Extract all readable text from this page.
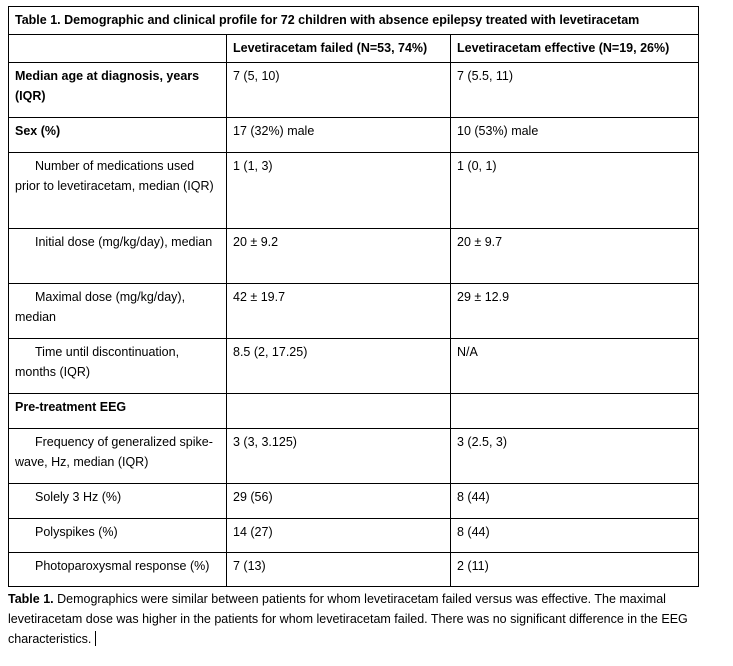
Table 1. Demographic and clinical profile for 72 children with absence epilepsy treated with levetiracetam		
	Levetiracetam failed (N=53, 74%)	Levetiracetam effective (N=19, 26%)
Median age at diagnosis, years (IQR)	7 (5, 10)	7 (5.5, 11)
Sex (%)	17 (32%) male	10 (53%) male
Number of medications used prior to levetiracetam, median (IQR)	1 (1, 3)	1 (0, 1)
Initial dose (mg/kg/day), median	20 ± 9.2	20 ± 9.7
Maximal dose (mg/kg/day), median	42 ± 19.7	29 ± 12.9
Time until discontinuation, months (IQR)	8.5 (2, 17.25)	N/A
Pre-treatment EEG		
Frequency of generalized spike-wave, Hz, median (IQR)	3 (3, 3.125)	3 (2.5, 3)
Solely 3 Hz (%)	29 (56)	8 (44)
Polyspikes (%)	14 (27)	8 (44)
Photoparoxysmal response (%)	7 (13)	2 (11)
Table 1. Demographics were similar between patients for whom levetiracetam failed versus was effective. The maximal levetiracetam dose was higher in the patients for whom levetiracetam failed. There was no significant difference in the EEG characteristics.
